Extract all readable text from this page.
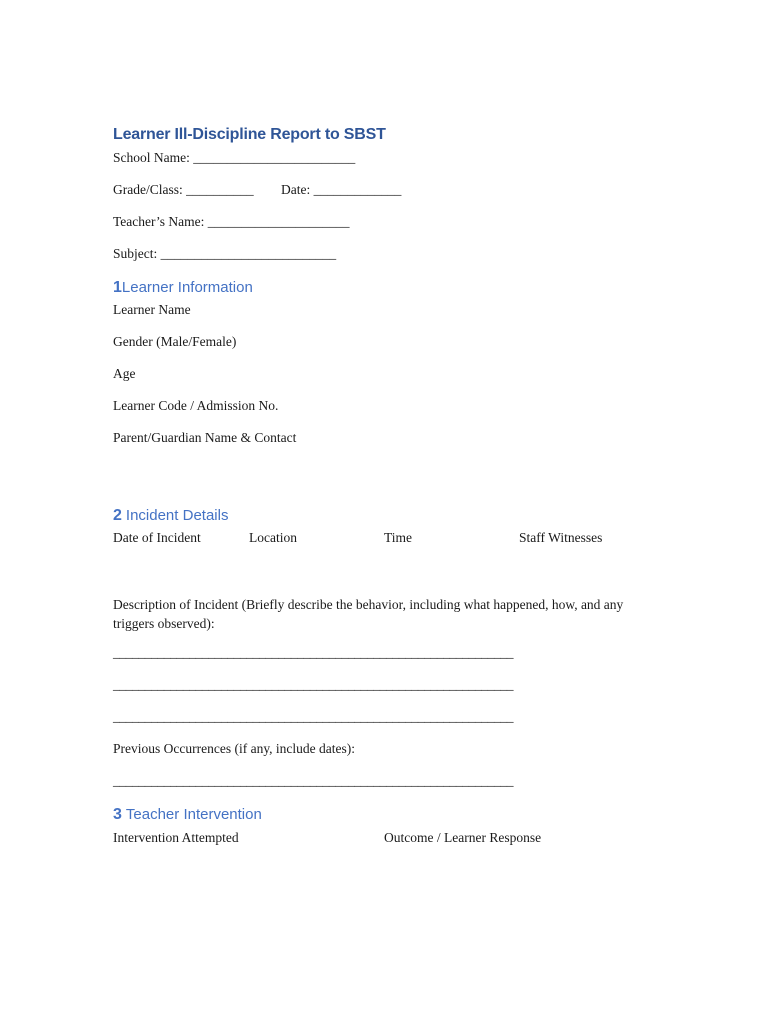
Learner Ill-Discipline Report to SBST
School Name: ________________________
Grade/Class: __________ Date: _____________
Teacher’s Name: _____________________
Subject: __________________________
1 Learner Information
Learner Name
Gender (Male/Female)
Age
Learner Code / Admission No.
Parent/Guardian Name & Contact
2 Incident Details
Date of Incident	Location	Time	Staff Witnesses
Description of Incident (Briefly describe the behavior, including what happened, how, and any triggers observed):
_______________________________________________________________
_______________________________________________________________
_______________________________________________________________
Previous Occurrences (if any, include dates):
_______________________________________________________________
3 Teacher Intervention
Intervention Attempted	Outcome / Learner Response
